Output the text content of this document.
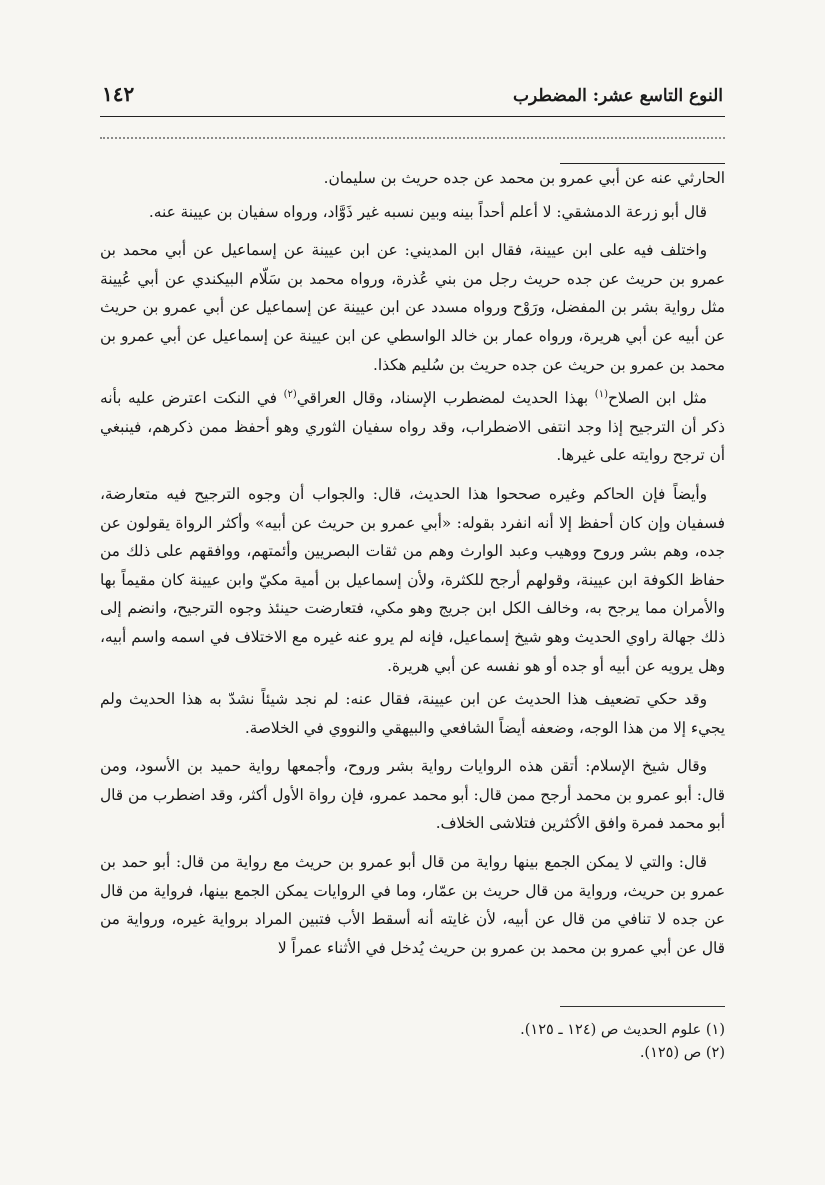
النوع التاسع عشر: المضطرب
١٤٢

الحارثي عنه عن أبي عمرو بن محمد عن جده حريث بن سليمان.

قال أبو زرعة الدمشقي: لا أعلم أحداً بينه وبين نسبه غير ذَوَّاد، ورواه سفيان بن عيينة عنه.

واختلف فيه على ابن عيينة، فقال ابن المديني: عن ابن عيينة عن إسماعيل عن أبي محمد بن عمرو بن حريث عن جده حريث رجل من بني عُذرة، ورواه محمد بن سَلّام البيكندي عن أبي عُيينة مثل رواية بشر بن المفضل، ورَوْح ورواه مسدد عن ابن عيينة عن إسماعيل عن أبي عمرو بن حريث عن أبيه عن أبي هريرة، ورواه عمار بن خالد الواسطي عن ابن عيينة عن إسماعيل عن أبي عمرو بن محمد بن عمرو بن حريث عن جده حريث بن سُليم هكذا.

مثل ابن الصلاح$^{(١)}$ بهذا الحديث لمضطرب الإسناد، وقال العراقي$^{(٢)}$ في النكت اعترض عليه بأنه ذكر أن الترجيح إذا وجد انتفى الاضطراب، وقد رواه سفيان الثوري وهو أحفظ ممن ذكرهم، فينبغي أن ترجح روايته على غيرها.

وأيضاً فإن الحاكم وغيره صححوا هذا الحديث، قال: والجواب أن وجوه الترجيح فيه متعارضة، فسفيان وإن كان أحفظ إلا أنه انفرد بقوله: «أبي عمرو بن حريث عن أبيه» وأكثر الرواة يقولون عن جده، وهم بشر وروح ووهيب وعبد الوارث وهم من ثقات البصريين وأئمتهم، ووافقهم على ذلك من حفاظ الكوفة ابن عيينة، وقولهم أرجح للكثرة، ولأن إسماعيل بن أمية مكيّ وابن عيينة كان مقيماً بها والأمران مما يرجح به، وخالف الكل ابن جريج وهو مكي، فتعارضت حينئذ وجوه الترجيح، وانضم إلى ذلك جهالة راوي الحديث وهو شيخ إسماعيل، فإنه لم يرو عنه غيره مع الاختلاف في اسمه واسم أبيه، وهل يرويه عن أبيه أو جده أو هو نفسه عن أبي هريرة.

وقد حكي تضعيف هذا الحديث عن ابن عيينة، فقال عنه: لم نجد شيئاً نشدّ به هذا الحديث ولم يجيء إلا من هذا الوجه، وضعفه أيضاً الشافعي والبيهقي والنووي في الخلاصة.

وقال شيخ الإسلام: أتقن هذه الروايات رواية بشر وروح، وأجمعها رواية حميد بن الأسود، ومن قال: أبو عمرو بن محمد أرجح ممن قال: أبو محمد عمرو، فإن رواة الأول أكثر، وقد اضطرب من قال أبو محمد فمرة وافق الأكثرين فتلاشى الخلاف.

قال: والتي لا يمكن الجمع بينها رواية من قال أبو عمرو بن حريث مع رواية من قال: أبو حمد بن عمرو بن حريث، ورواية من قال حريث بن عمّار، وما في الروايات يمكن الجمع بينها، فرواية من قال عن جده لا تنافي من قال عن أبيه، لأن غايته أنه أسقط الأب فتبين المراد برواية غيره، ورواية من قال عن أبي عمرو بن محمد بن عمرو بن حريث يُدخل في الأثناء عمراً لا

(١) علوم الحديث ص (١٢٤ ـ ١٢٥).
(٢) ص (١٢٥).
